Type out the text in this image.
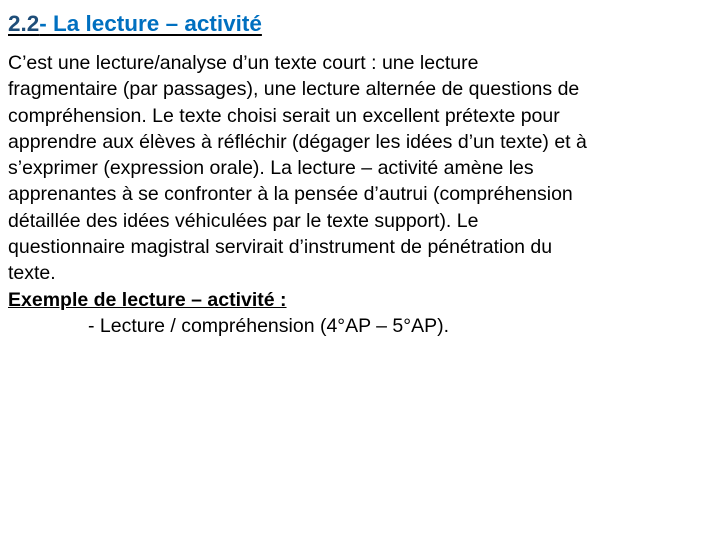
2.2- La lecture – activité
C’est une lecture/analyse d’un texte court : une lecture
fragmentaire (par passages), une lecture alternée de questions de
compréhension. Le texte choisi serait un excellent prétexte pour
apprendre aux élèves à réfléchir (dégager les idées d’un texte) et à
s’exprimer (expression orale). La lecture – activité amène les
apprenantes à se confronter à la pensée d’autrui (compréhension
détaillée des idées véhiculées par le texte support). Le
questionnaire magistral servirait d’instrument de pénétration du
texte.
Exemple de lecture – activité :
- Lecture / compréhension (4°AP – 5°AP).
